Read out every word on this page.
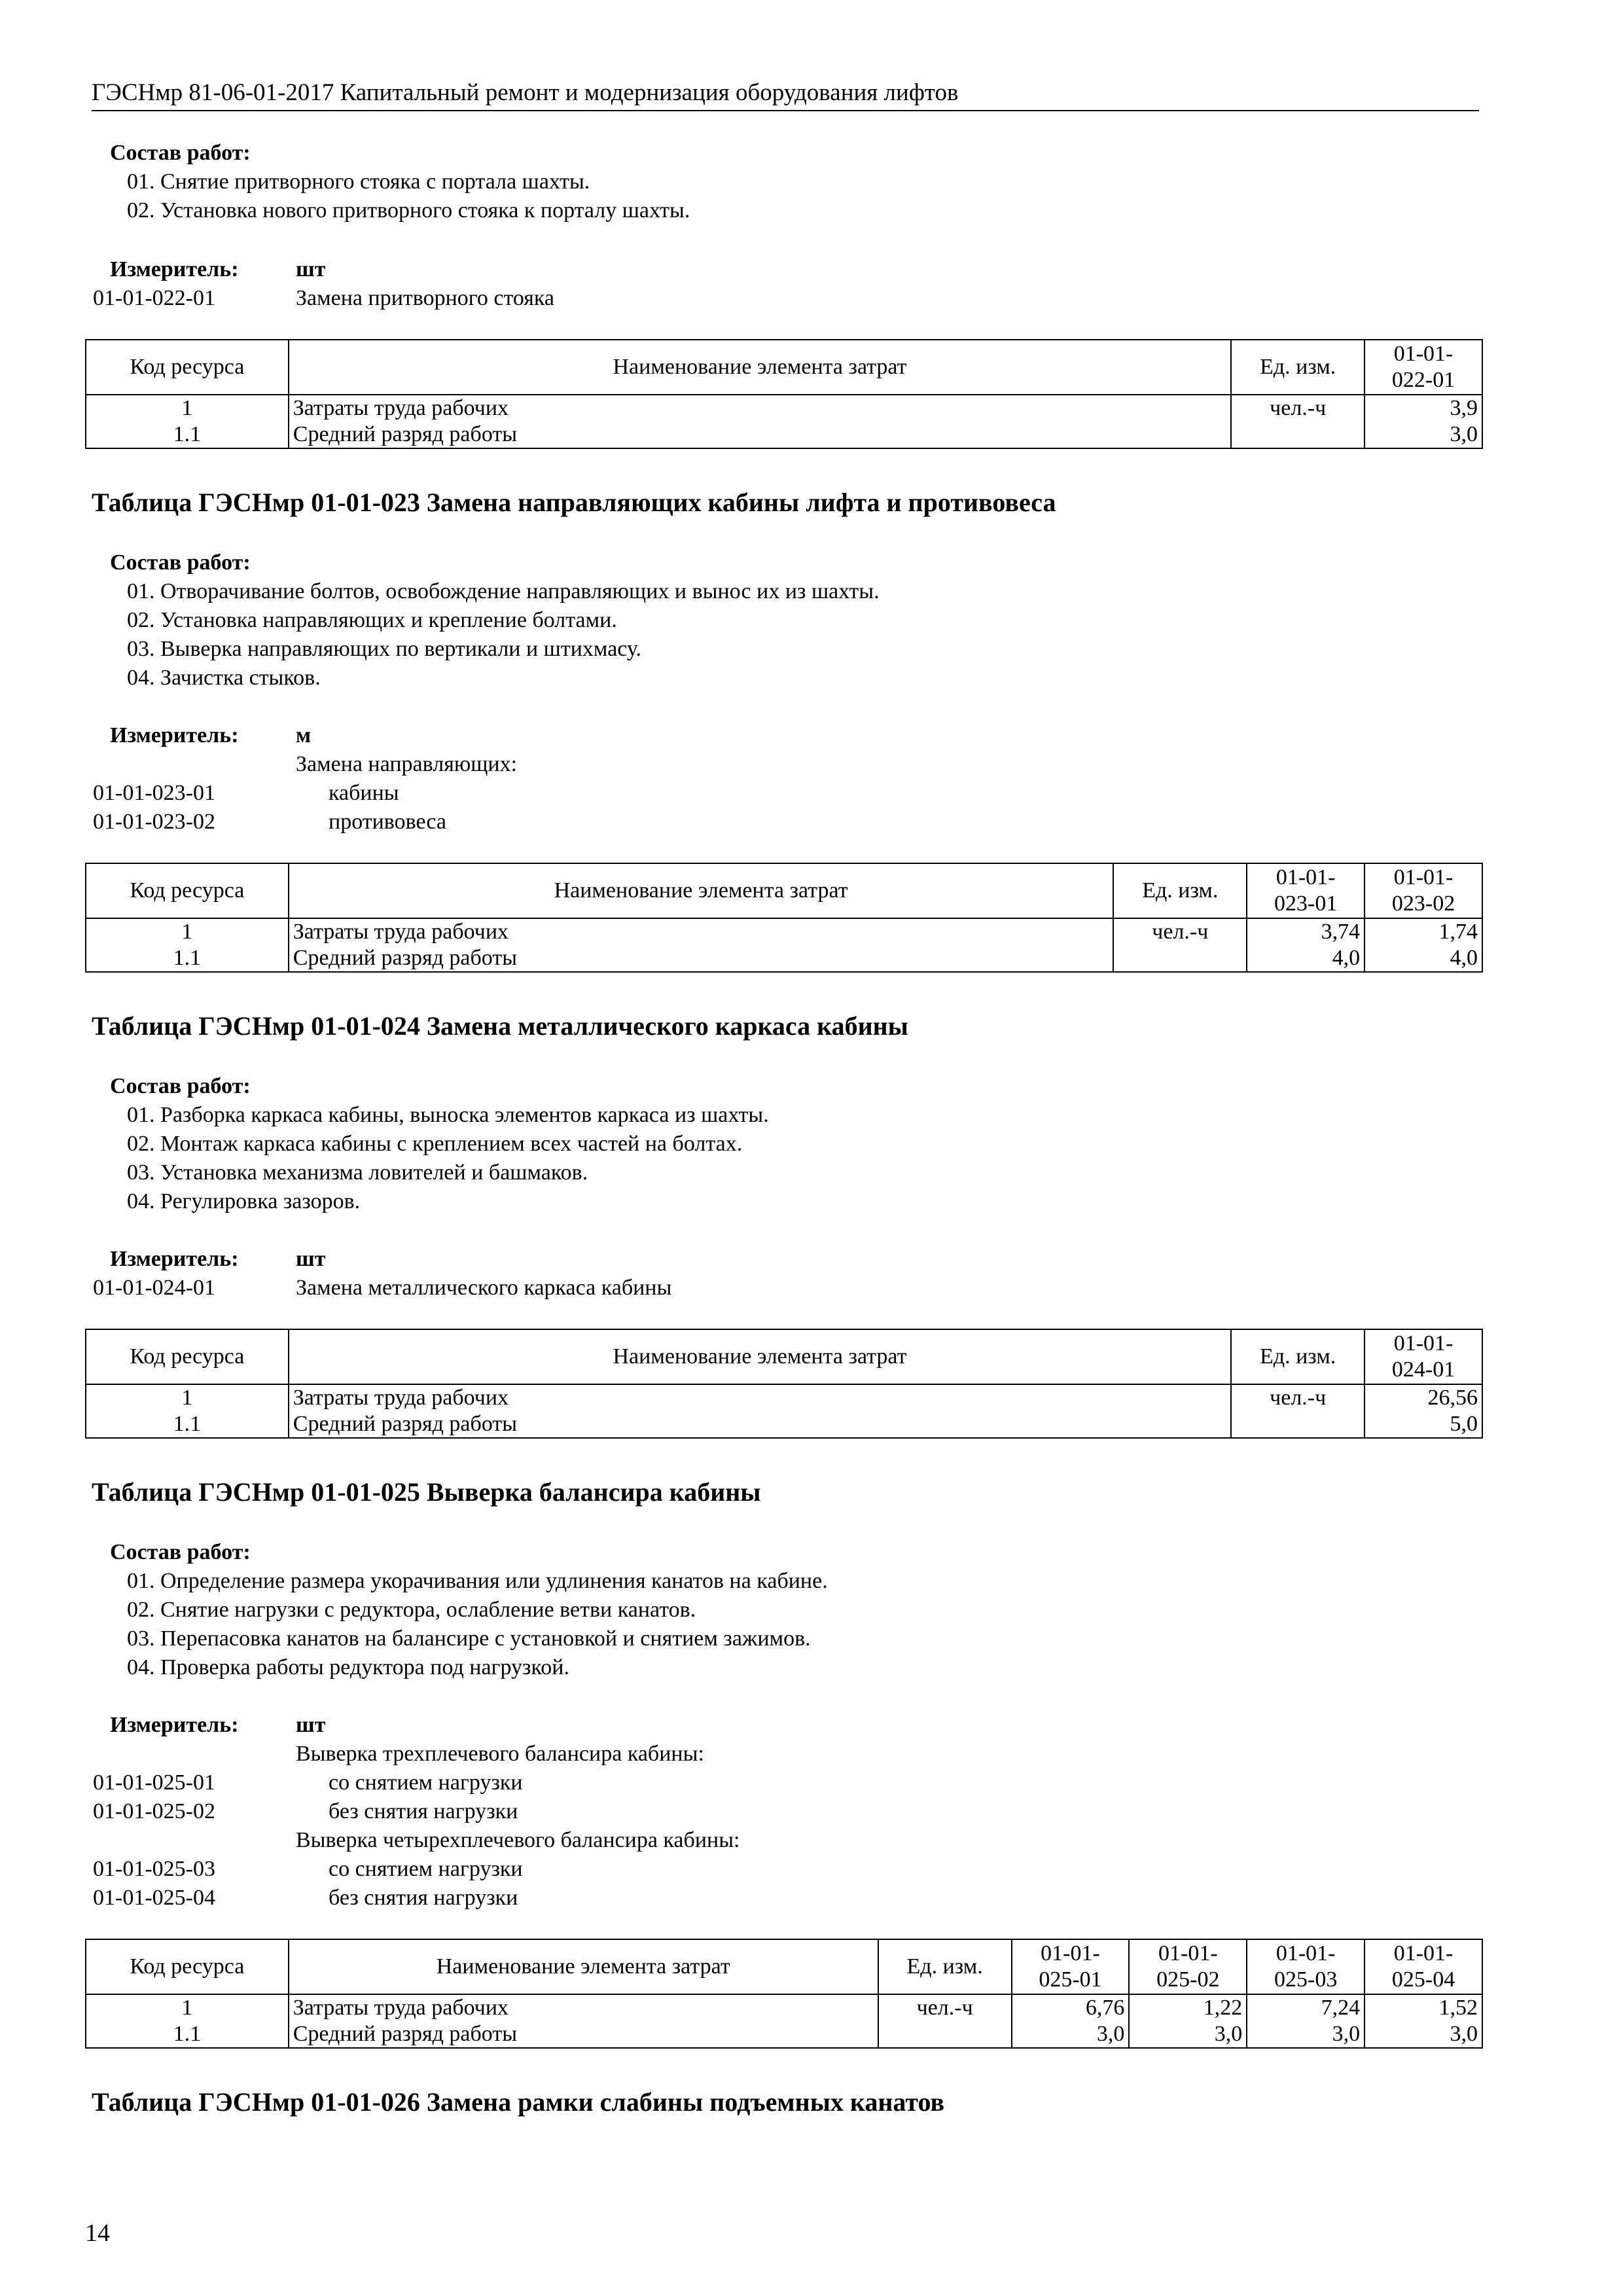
ГЭСНмр 81-06-01-2017 Капитальный ремонт и модернизация оборудования лифтов
Состав работ:
01. Снятие притворного стояка с портала шахты.
02. Установка нового притворного стояка к порталу шахты.
Измеритель:	шт
01-01-022-01	Замена притворного стояка
Код ресурса	Наименование элемента затрат	Ед. изм.	01-01-
022-01
1	Затраты труда рабочих	чел.-ч	3,9
1.1	Средний разряд работы		3,0
Таблица ГЭСНмр 01-01-023 Замена направляющих кабины лифта и противовеса
Состав работ:
01. Отворачивание болтов, освобождение направляющих и вынос их из шахты.
02. Установка направляющих и крепление болтами.
03. Выверка направляющих по вертикали и штихмасу.
04. Зачистка стыков.
Измеритель:	м
Замена направляющих:
01-01-023-01	кабины
01-01-023-02	противовеса
Код ресурса	Наименование элемента затрат	Ед. изм.	01-01-
023-01	01-01-
023-02
1	Затраты труда рабочих	чел.-ч	3,74	1,74
1.1	Средний разряд работы		4,0	4,0
Таблица ГЭСНмр 01-01-024 Замена металлического каркаса кабины
Состав работ:
01. Разборка каркаса кабины, выноска элементов каркаса из шахты.
02. Монтаж каркаса кабины с креплением всех частей на болтах.
03. Установка механизма ловителей и башмаков.
04. Регулировка зазоров.
Измеритель:	шт
01-01-024-01	Замена металлического каркаса кабины
Код ресурса	Наименование элемента затрат	Ед. изм.	01-01-
024-01
1	Затраты труда рабочих	чел.-ч	26,56
1.1	Средний разряд работы		5,0
Таблица ГЭСНмр 01-01-025 Выверка балансира кабины
Состав работ:
01. Определение размера укорачивания или удлинения канатов на кабине.
02. Снятие нагрузки с редуктора, ослабление ветви канатов.
03. Перепасовка канатов на балансире с установкой и снятием зажимов.
04. Проверка работы редуктора под нагрузкой.
Измеритель:	шт
Выверка трехплечевого балансира кабины:
01-01-025-01	со снятием нагрузки
01-01-025-02	без снятия нагрузки
Выверка четырехплечевого балансира кабины:
01-01-025-03	со снятием нагрузки
01-01-025-04	без снятия нагрузки
Код ресурса	Наименование элемента затрат	Ед. изм.	01-01-
025-01	01-01-
025-02	01-01-
025-03	01-01-
025-04
1	Затраты труда рабочих	чел.-ч	6,76	1,22	7,24	1,52
1.1	Средний разряд работы		3,0	3,0	3,0	3,0
Таблица ГЭСНмр 01-01-026 Замена рамки слабины подъемных канатов
14
